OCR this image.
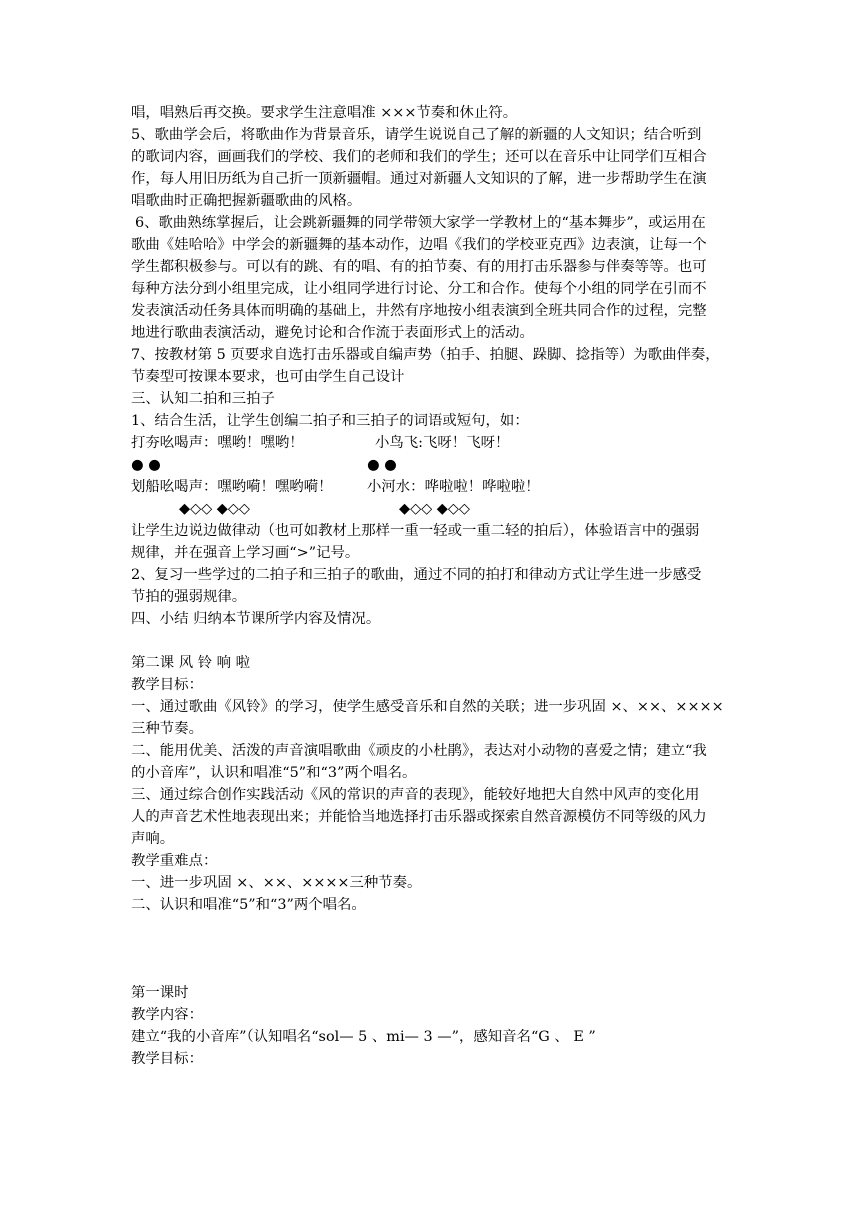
唱，唱熟后再交换。要求学生注意唱准 ×××节奏和休止符。
5、歌曲学会后，将歌曲作为背景音乐，请学生说说自己了解的新疆的人文知识；结合听到
的歌词内容，画画我们的学校、我们的老师和我们的学生；还可以在音乐中让同学们互相合
作，每人用旧历纸为自己折一顶新疆帽。通过对新疆人文知识的了解，进一步帮助学生在演
唱歌曲时正确把握新疆歌曲的风格。
6、歌曲熟练掌握后，让会跳新疆舞的同学带领大家学一学教材上的“基本舞步”，或运用在
歌曲《娃哈哈》中学会的新疆舞的基本动作，边唱《我们的学校亚克西》边表演，让每一个
学生都积极参与。可以有的跳、有的唱、有的拍节奏、有的用打击乐器参与伴奏等等。也可
每种方法分到小组里完成，让小组同学进行讨论、分工和合作。使每个小组的同学在引而不
发表演活动任务具体而明确的基础上，井然有序地按小组表演到全班共同合作的过程，完整
地进行歌曲表演活动，避免讨论和合作流于表面形式上的活动。
7、按教材第 5 页要求自选打击乐器或自编声势（拍手、拍腿、跺脚、捻指等）为歌曲伴奏，
节奏型可按课本要求，也可由学生自己设计
三、认知二拍和三拍子
1、结合生活，让学生创编二拍子和三拍子的词语或短句，如：
打夯吆喝声：嘿哟！嘿哟！	小鸟飞:飞呀！飞呀！
● ●	● ●
划船吆喝声：嘿哟嗬！嘿哟嗬！ 小河水：哗啦啦！哗啦啦！
◆◇◇ ◆◇◇	◆◇◇ ◆◇◇
让学生边说边做律动（也可如教材上那样一重一轻或一重二轻的拍后），体验语言中的强弱
规律，并在强音上学习画“>”记号。
2、复习一些学过的二拍子和三拍子的歌曲，通过不同的拍打和律动方式让学生进一步感受
节拍的强弱规律。
四、小结 归纳本节课所学内容及情况。
第二课 风 铃 响 啦
教学目标：
一、通过歌曲《风铃》的学习，使学生感受音乐和自然的关联；进一步巩固 ×、××、××××
三种节奏。
二、能用优美、活泼的声音演唱歌曲《顽皮的小杜鹃》，表达对小动物的喜爱之情；建立“我
的小音库”，认识和唱准“5”和“3”两个唱名。
三、通过综合创作实践活动《风的常识的声音的表现》，能较好地把大自然中风声的变化用
人的声音艺术性地表现出来；并能恰当地选择打击乐器或探索自然音源模仿不同等级的风力
声响。
教学重难点：
一、进一步巩固 ×、××、××××三种节奏。
二、认识和唱准“5”和“3”两个唱名。
第一课时
教学内容：
建立“我的小音库”（认知唱名“sol— 5 、mi— 3 —”，感知音名“G 、 E ”
教学目标：
